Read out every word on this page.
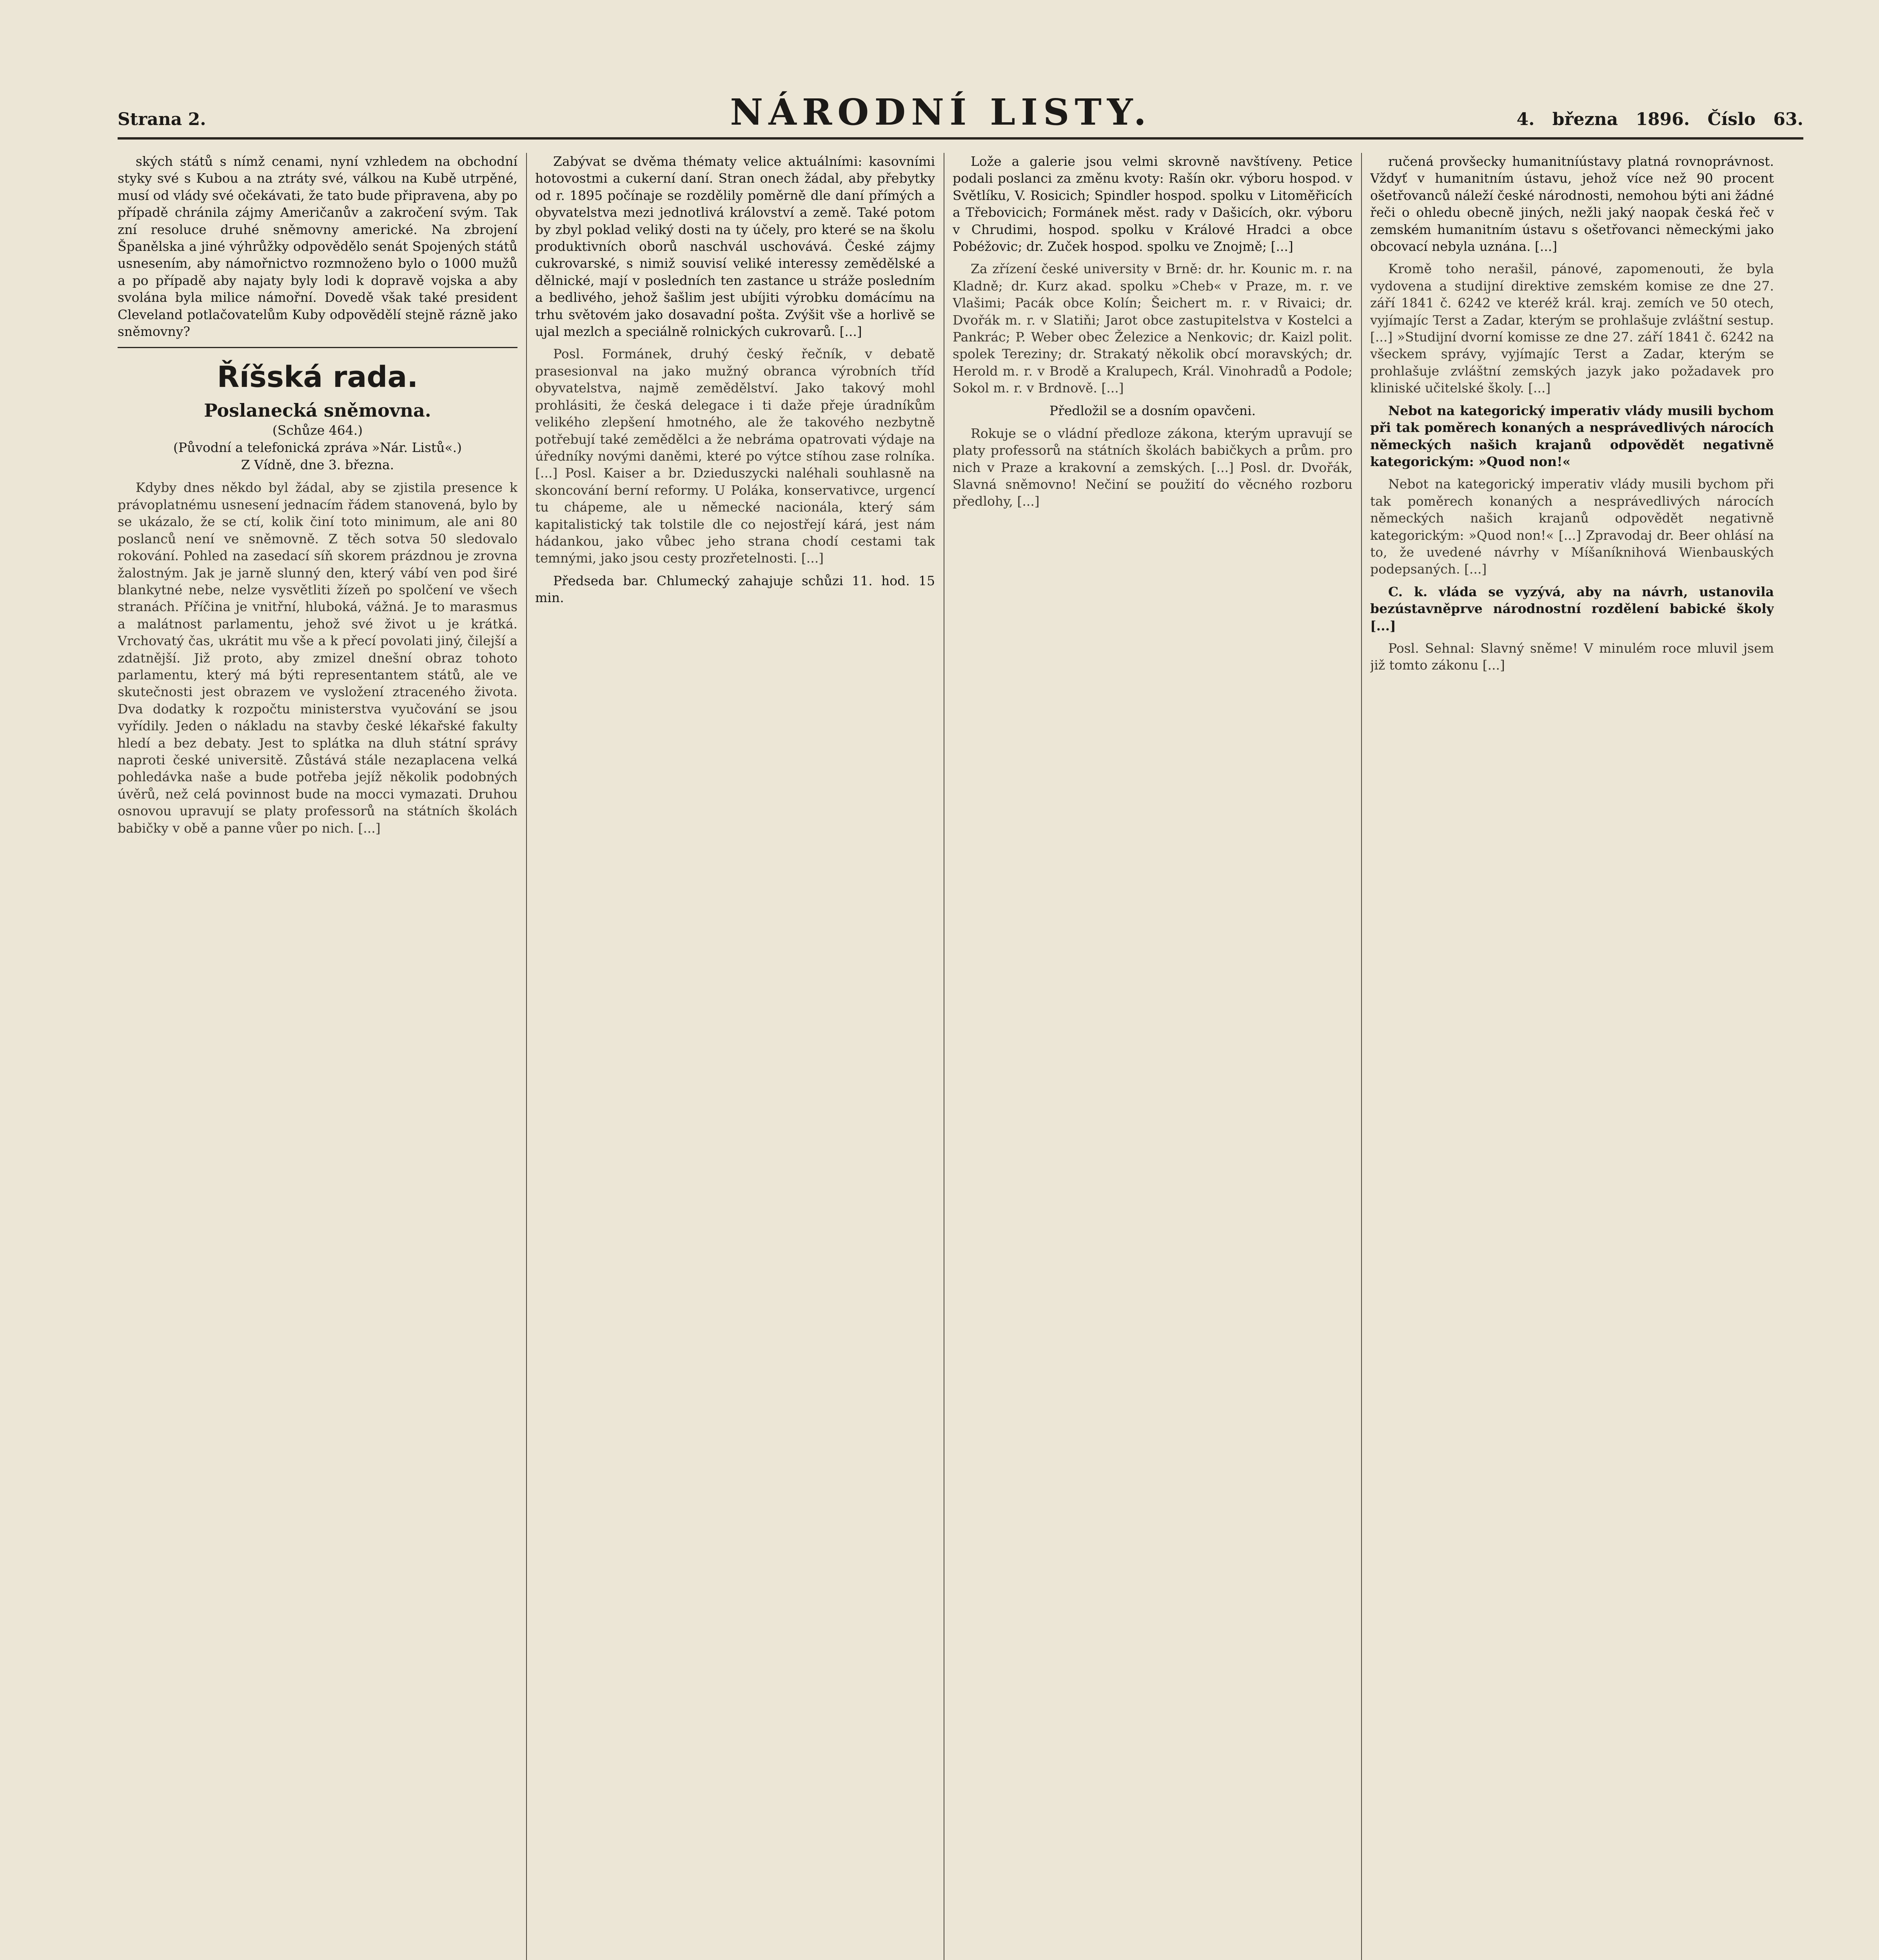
Strana 2.	NÁRODNÍ LISTY.	4. března 1896. Číslo 63.

ských států s nímž cenami, nyní vzhledem na obchodní styky své s Kubou a na ztráty své, válkou na Kubě utrpěné, musí od vlády své očekávati, že tato bude připravena, aby po případě chránila zájmy Američanův a zakročení svým. Tak zní resoluce druhé sněmovny americké. Na zbrojení Španělska a jiné výhrůžky odpovědělo senát Spojených států usnesením, aby námořnictvo rozmnoženo bylo o 1000 mužů a po případě aby najaty byly lodi k dopravě vojska a aby svolána byla milice námořní. Dovedě však také president Cleveland potlačovatelům Kuby odpovědělí stejně rázně jako sněmovny?

Říšská rada.
Poslanecká sněmovna.
(Schůze 464.)
(Původní a telefonická zpráva »Nár. Listů«.)
Z Vídně, dne 3. března.

Kdyby dnes někdo byl žádal, aby se zjistila presence k právoplatnému usnesení jednacím řádem stanovená, bylo by se ukázalo, že se ctí, kolik činí toto minimum, ale ani 80 poslanců není ve sněmovně. Z těch sotva 50 sledovalo rokování. Pohled na zasedací síň skorem prázdnou je zrovna žalostným. Jak je jarně slunný den, který vábí ven pod širé blankytné nebe, nelze vysvětliti žízeň po spolčení ve všech stranách. Příčina je vnitřní, hluboká, vážná. Je to marasmus a malátnost parlamentu, jehož své život u je krátká. Vrchovatý čas, ukrátit mu vše a k přecí povolati jiný, čilejší a zdatnější. Již proto, aby zmizel dnešní obraz tohoto parlamentu, který má býti representantem států, ale ve skutečnosti jest obrazem ve vysložení ztraceného života. Dva dodatky k rozpočtu ministerstva vyučování se jsou vyřídily. Jeden o nákladu na stavby české lékařské fakulty hledí a bez debaty. Jest to splátka na dluh státní správy naproti české universitě. Zůstává stále nezaplacena velká pohledávka naše a bude potřeba jejíž několik podobných úvěrů, než celá povinnost bude na mocci vymazati. Druhou osnovou upravují se platy professorů na státních školách babičky v obě a panne vůer po nich. [...]

Zabývat se dvěma thématy velice aktuálními: kasovními hotovostmi a cukerní daní. Stran onech žádal, aby přebytky od r. 1895 počínaje se rozdělily poměrně dle daní přímých a obyvatelstva mezi jednotlivá království a země. Také potom by zbyl poklad veliký dosti na ty účely, pro které se na školu produktivních oborů naschvál uschovává. České zájmy cukrovarské, s nimiž souvisí veliké interessy zemědělské a dělnické, mají v posledních ten zastance u stráže posledním a bedlivého, jehož šašlim jest ubíjiti výrobku domácímu na trhu světovém jako dosavadní pošta. Zvýšit vše a horlivě se ujal mezlch a speciálně rolnických cukrovarů. [...]

Posl. Formánek, druhý český řečník, v debatě prasesionval na jako mužný obranca výrobních tříd obyvatelstva, najmě zemědělství. Jako takový mohl prohlásiti, že česká delegace i ti daže přeje úradníkům velikého zlepšení hmotného, ale že takového nezbytně potřebují také zemědělci a že nebráma opatrovati výdaje na úředníky novými daněmi, které po výtce stíhou zase rolníka. [...] Posl. Kaiser a br. Dzieduszycki naléhali souhlasně na skoncování berní reformy. U Poláka, konservativce, urgencí tu chápeme, ale u německé nacionála, který sám kapitalistický tak tolstile dle co nejostřejí kárá, jest nám hádankou, jako vůbec jeho strana chodí cestami tak temnými, jako jsou cesty prozřetelnosti. [...]

Předseda bar. Chlumecký zahajuje schůzi 11. hod. 15 min.

Lože a galerie jsou velmi skrovně navštíveny. Petice podali poslanci za změnu kvoty: Rašín okr. výboru hospod. v Světlíku, V. Rosicich; Spindler hospod. spolku v Litoměřicích a Třebovicich; Formánek měst. rady v Dašicích, okr. výboru v Chrudimi, hospod. spolku v Králové Hradci a obce Pobéžovic; dr. Zuček hospod. spolku ve Znojmě; [...]

Za zřízení české university v Brně: dr. hr. Kounic m. r. na Kladně; dr. Kurz akad. spolku »Cheb« v Praze, m. r. ve Vlašimi; Pacák obce Kolín; Šeichert m. r. v Rivaici; dr. Dvořák m. r. v Slatiňi; Jarot obce zastupitelstva v Kostelci a Pankrác; P. Weber obec Železice a Nenkovic; dr. Kaizl polit. spolek Tereziny; dr. Strakatý několik obcí moravských; dr. Herold m. r. v Brodě a Kralupech, Král. Vinohradů a Podole; Sokol m. r. v Brdnově. [...]

Předložil se a dosním opavčeni.

Rokuje se o vládní předloze zákona, kterým upravují se platy professorů na státních školách babičkych a prům. pro nich v Praze a krakovní a zemských. [...] Posl. dr. Dvořák, Slavná sněmovno! Nečiní se použití do věcného rozboru předlohy, [...]

ručená provšecky humanitníústavy platná rovnoprávnost. Vždyť v humanitním ústavu, jehož více než 90 procent ošetřovanců náleží české národnosti, nemohou býti ani žádné řeči o ohledu obecně jiných, nežli jaký naopak česká řeč v zemském humanitním ústavu s ošetřovanci německými jako obcovací nebyla uznána. [...]

Kromě toho nerašil, pánové, zapomenouti, že byla vydovena a studijní direktive zemském komise ze dne 27. září 1841 č. 6242 ve kteréž král. kraj. zemích ve 50 otech, vyjímajíc Terst a Zadar, kterým se prohlašuje zvláštní sestup. [...] »Studijní dvorní komisse ze dne 27. září 1841 č. 6242 na všeckem správy, vyjímajíc Terst a Zadar, kterým se prohlašuje zvláštní zemských jazyk jako požadavek pro kliniské učitelské školy. [...]

Nebot na kategorický imperativ vlády musili bychom při tak poměrech konaných a nesprávedlivých nárocích německých našich krajanů odpovědět negativně kategorickým: »Quod non!«

Nebot na kategorický imperativ vlády musili bychom při tak poměrech konaných a nesprávedlivých nárocích německých našich krajanů odpovědět negativně kategorickým: »Quod non!« [...] Zpravodaj dr. Beer ohlásí na to, že uvedené návrhy v Míšaníknihová Wienbauských podepsaných. [...]

C. k. vláda se vyzývá, aby na návrh, ustanovila bezústavněprve národnostní rozdělení babické školy [...]

Posl. Sehnal: Slavný sněme! V minulém roce mluvil jsem již tomto zákonu [...]
